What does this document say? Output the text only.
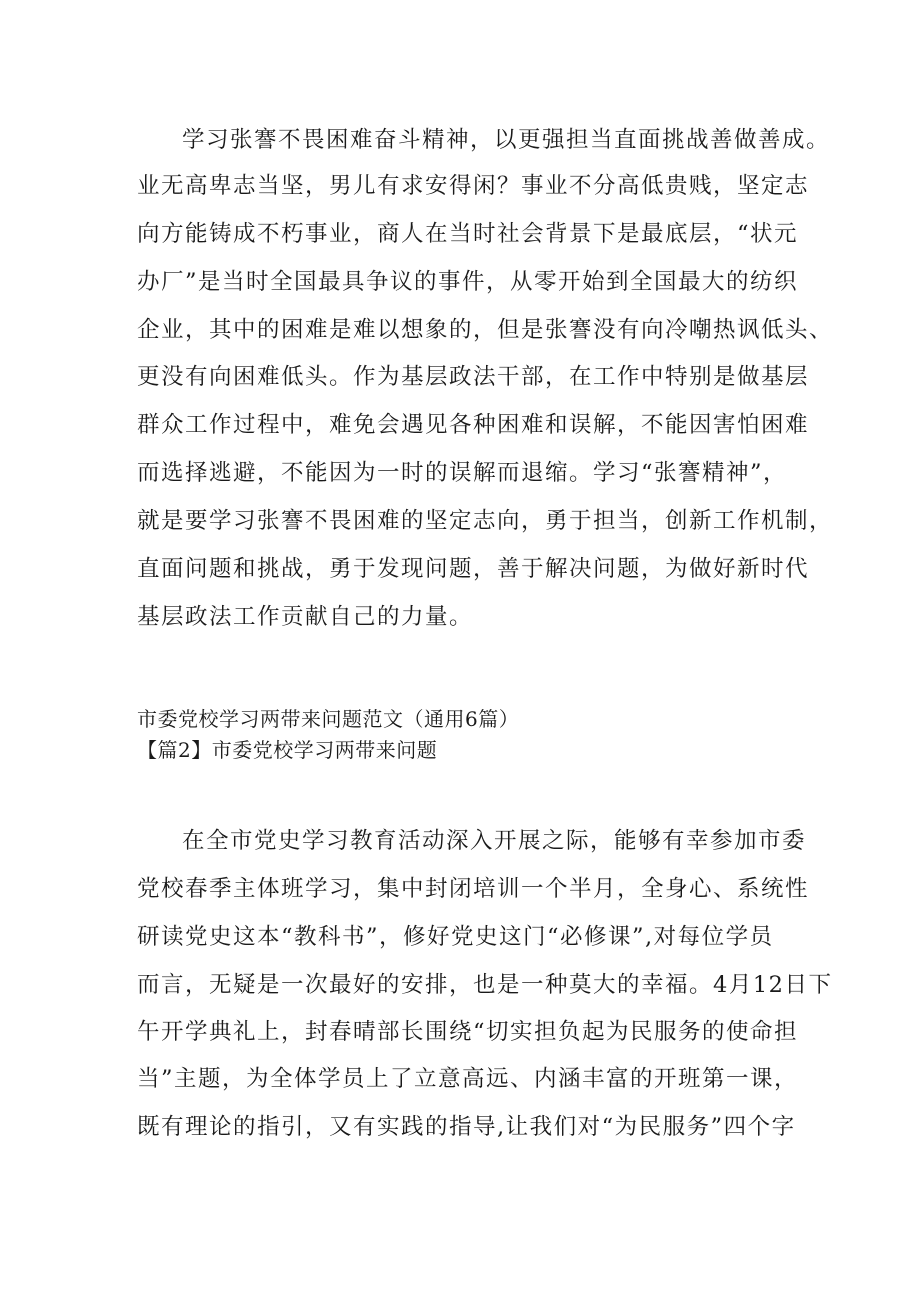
学习张謇不畏困难奋斗精神，以更强担当直面挑战善做善成。
业无高卑志当坚，男儿有求安得闲？事业不分高低贵贱，坚定志
向方能铸成不朽事业，商人在当时社会背景下是最底层，“状元
办厂”是当时全国最具争议的事件，从零开始到全国最大的纺织
企业，其中的困难是难以想象的，但是张謇没有向冷嘲热讽低头、
更没有向困难低头。作为基层政法干部，在工作中特别是做基层
群众工作过程中，难免会遇见各种困难和误解，不能因害怕困难
而选择逃避，不能因为一时的误解而退缩。学习“张謇精神”，
就是要学习张謇不畏困难的坚定志向，勇于担当，创新工作机制，
直面问题和挑战，勇于发现问题，善于解决问题，为做好新时代
基层政法工作贡献自己的力量。
市委党校学习两带来问题范文（通用6篇）
【篇2】市委党校学习两带来问题
在全市党史学习教育活动深入开展之际，能够有幸参加市委
党校春季主体班学习，集中封闭培训一个半月，全身心、系统性
研读党史这本“教科书”，修好党史这门“必修课”,对每位学员
而言，无疑是一次最好的安排，也是一种莫大的幸福。4月12日下
午开学典礼上，封春晴部长围绕“切实担负起为民服务的使命担
当”主题，为全体学员上了立意高远、内涵丰富的开班第一课，
既有理论的指引，又有实践的指导,让我们对“为民服务”四个字
